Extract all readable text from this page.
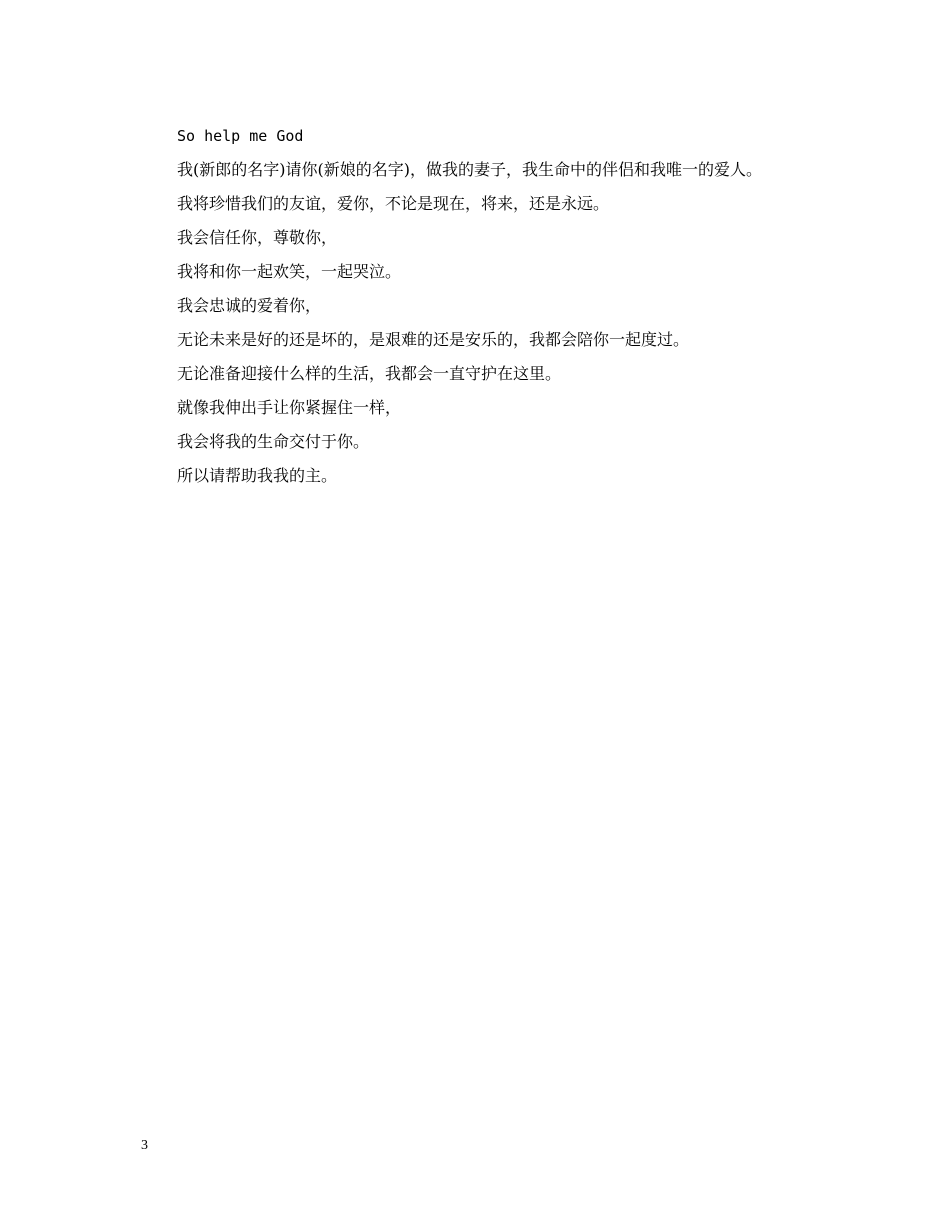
So help me God

我(新郎的名字)请你(新娘的名字)，做我的妻子，我生命中的伴侣和我唯一的爱人。

我将珍惜我们的友谊，爱你，不论是现在，将来，还是永远。

我会信任你，尊敬你，

我将和你一起欢笑，一起哭泣。

我会忠诚的爱着你，

无论未来是好的还是坏的，是艰难的还是安乐的，我都会陪你一起度过。

无论准备迎接什么样的生活，我都会一直守护在这里。

就像我伸出手让你紧握住一样，

我会将我的生命交付于你。

所以请帮助我我的主。

3
